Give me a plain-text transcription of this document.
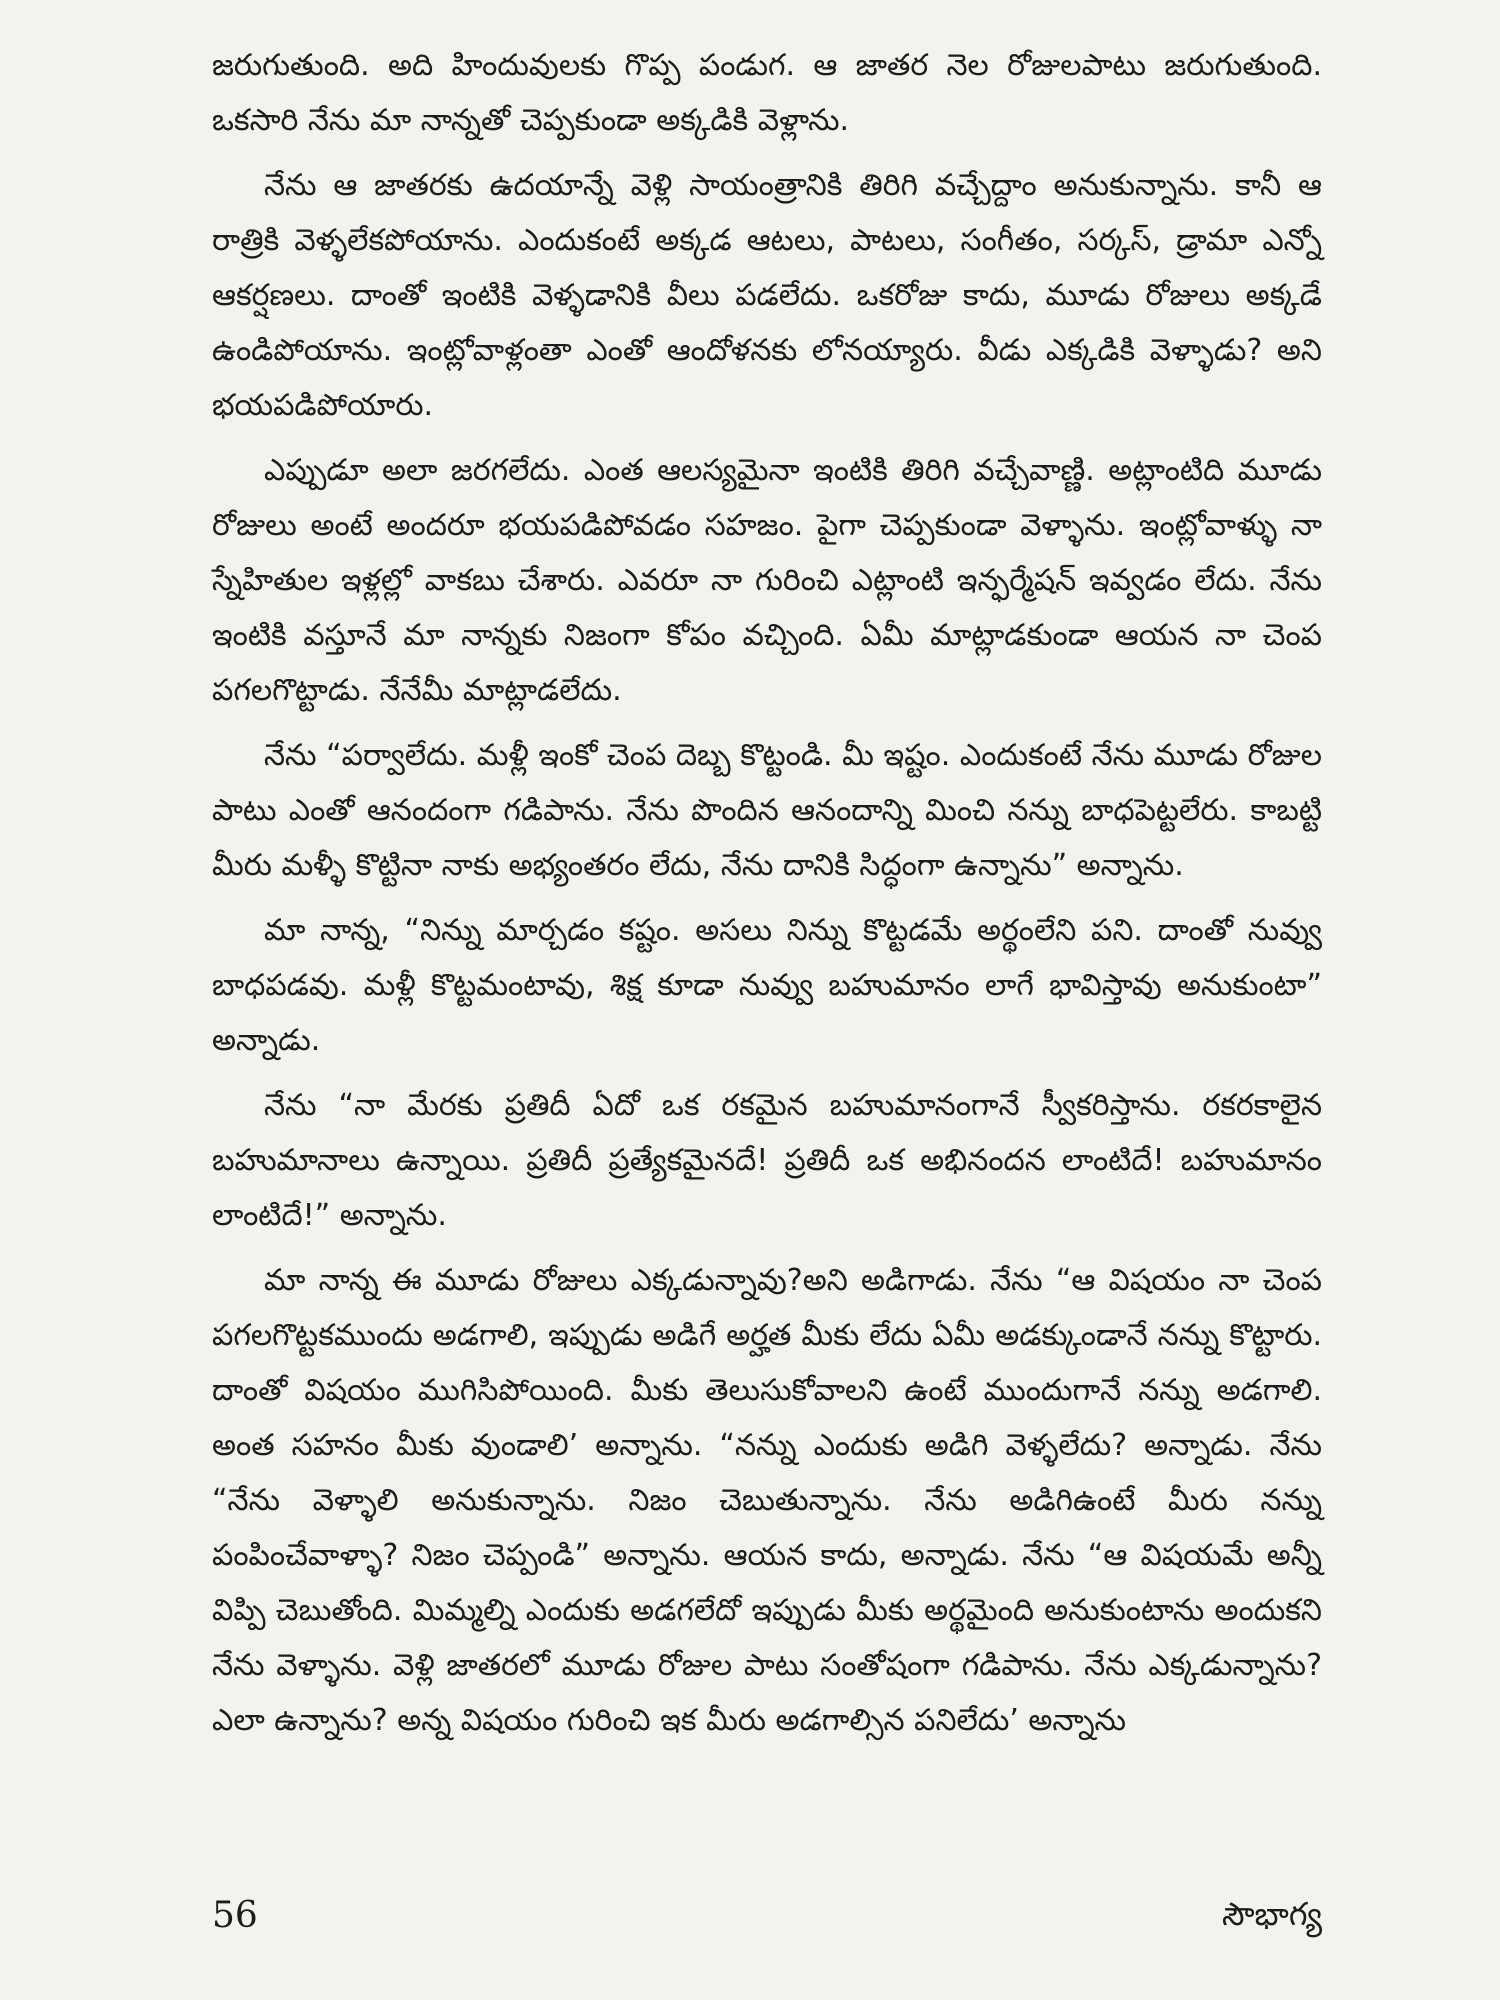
జరుగుతుంది. అది హిందువులకు గొప్ప పండుగ. ఆ జాతర నెల రోజులపాటు జరుగుతుంది. ఒకసారి నేను మా నాన్నతో చెప్పకుండా అక్కడికి వెళ్లాను.

నేను ఆ జాతరకు ఉదయాన్నే వెళ్లి సాయంత్రానికి తిరిగి వచ్చేద్దాం అనుకున్నాను. కానీ ఆ రాత్రికి వెళ్ళలేకపోయాను. ఎందుకంటే అక్కడ ఆటలు, పాటలు, సంగీతం, సర్కస్, డ్రామా ఎన్నో ఆకర్షణలు. దాంతో ఇంటికి వెళ్ళడానికి వీలు పడలేదు. ఒకరోజు కాదు, మూడు రోజులు అక్కడే ఉండిపోయాను. ఇంట్లోవాళ్లంతా ఎంతో ఆందోళనకు లోనయ్యారు. వీడు ఎక్కడికి వెళ్ళాడు? అని భయపడిపోయారు.

ఎప్పుడూ అలా జరగలేదు. ఎంత ఆలస్యమైనా ఇంటికి తిరిగి వచ్చేవాణ్ణి. అట్లాంటిది మూడు రోజులు అంటే అందరూ భయపడిపోవడం సహజం. పైగా చెప్పకుండా వెళ్ళాను. ఇంట్లోవాళ్ళు నా స్నేహితుల ఇళ్లల్లో వాకబు చేశారు. ఎవరూ నా గురించి ఎట్లాంటి ఇన్ఫర్మేషన్ ఇవ్వడం లేదు. నేను ఇంటికి వస్తూనే మా నాన్నకు నిజంగా కోపం వచ్చింది. ఏమీ మాట్లాడకుండా ఆయన నా చెంప పగలగొట్టాడు. నేనేమీ మాట్లాడలేదు.

నేను “పర్వాలేదు. మళ్లీ ఇంకో చెంప దెబ్బ కొట్టండి. మీ ఇష్టం. ఎందుకంటే నేను మూడు రోజుల పాటు ఎంతో ఆనందంగా గడిపాను. నేను పొందిన ఆనందాన్ని మించి నన్ను బాధపెట్టలేరు. కాబట్టి మీరు మళ్ళీ కొట్టినా నాకు అభ్యంతరం లేదు, నేను దానికి సిద్ధంగా ఉన్నాను” అన్నాను.

మా నాన్న, “నిన్ను మార్చడం కష్టం. అసలు నిన్ను కొట్టడమే అర్థంలేని పని. దాంతో నువ్వు బాధపడవు. మళ్లీ కొట్టమంటావు, శిక్ష కూడా నువ్వు బహుమానం లాగే భావిస్తావు అనుకుంటా” అన్నాడు.

నేను “నా మేరకు ప్రతిదీ ఏదో ఒక రకమైన బహుమానంగానే స్వీకరిస్తాను. రకరకాలైన బహుమానాలు ఉన్నాయి. ప్రతిదీ ప్రత్యేకమైనదే! ప్రతిదీ ఒక అభినందన లాంటిదే! బహుమానం లాంటిదే!” అన్నాను.

మా నాన్న ఈ మూడు రోజులు ఎక్కడున్నావు?అని అడిగాడు. నేను “ఆ విషయం నా చెంప పగలగొట్టకముందు అడగాలి, ఇప్పుడు అడిగే అర్హత మీకు లేదు ఏమీ అడక్కుండానే నన్ను కొట్టారు. దాంతో విషయం ముగిసిపోయింది. మీకు తెలుసుకోవాలని ఉంటే ముందుగానే నన్ను అడగాలి. అంత సహనం మీకు వుండాలి’ అన్నాను. “నన్ను ఎందుకు అడిగి వెళ్ళలేదు? అన్నాడు. నేను “నేను వెళ్ళాలి అనుకున్నాను. నిజం చెబుతున్నాను. నేను అడిగిఉంటే మీరు నన్ను పంపించేవాళ్ళా? నిజం చెప్పండి” అన్నాను. ఆయన కాదు, అన్నాడు. నేను “ఆ విషయమే అన్నీ విప్పి చెబుతోంది. మిమ్మల్ని ఎందుకు అడగలేదో ఇప్పుడు మీకు అర్థమైంది అనుకుంటాను అందుకని నేను వెళ్ళాను. వెళ్లి జాతరలో మూడు రోజుల పాటు సంతోషంగా గడిపాను. నేను ఎక్కడున్నాను? ఎలా ఉన్నాను? అన్న విషయం గురించి ఇక మీరు అడగాల్సిన పనిలేదు’ అన్నాను

56	సౌభాగ్య
